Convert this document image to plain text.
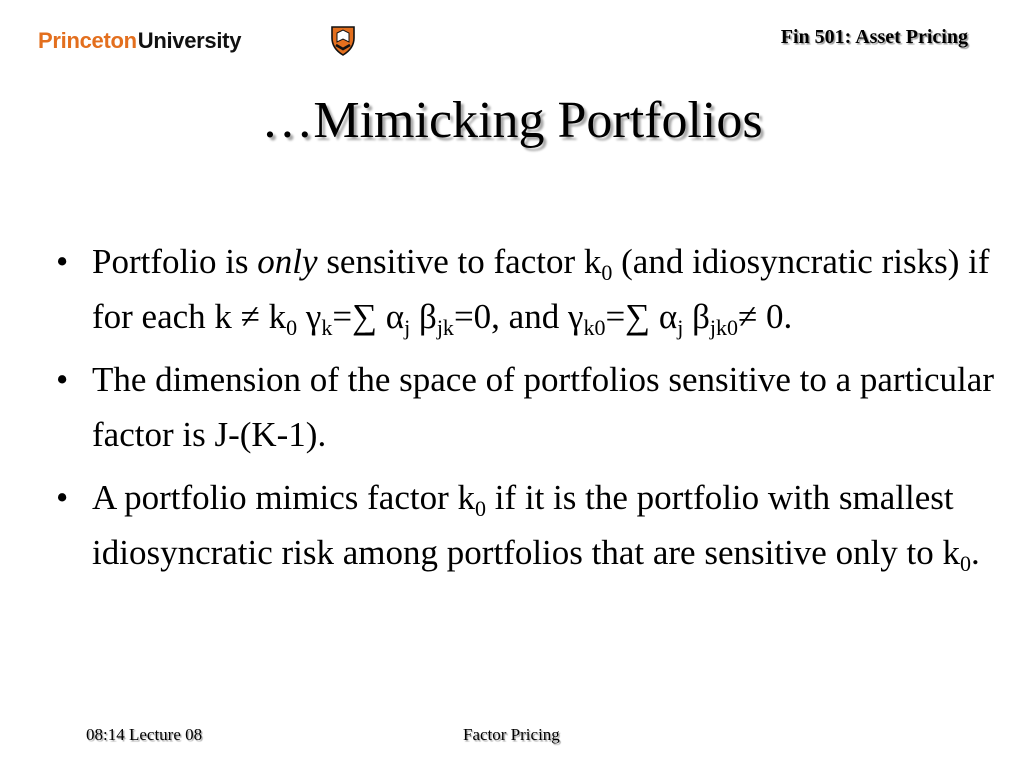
Princeton University	Fin 501: Asset Pricing
…Mimicking Portfolios
• Portfolio is only sensitive to factor $k_0$ (and idiosyncratic risks) if for each $k \ne k_0$ $\gamma_k=\sum$ $\alpha_j$ $\beta_{jk}=0$, and $\gamma_{k0}=\sum$ $\alpha_j$ $\beta_{jk0}\ne 0$.
• The dimension of the space of portfolios sensitive to a particular factor is J-(K-1).
• A portfolio mimics factor $k_0$ if it is the portfolio with smallest idiosyncratic risk among portfolios that are sensitive only to $k_0$.
08:14 Lecture 08	Factor Pricing
